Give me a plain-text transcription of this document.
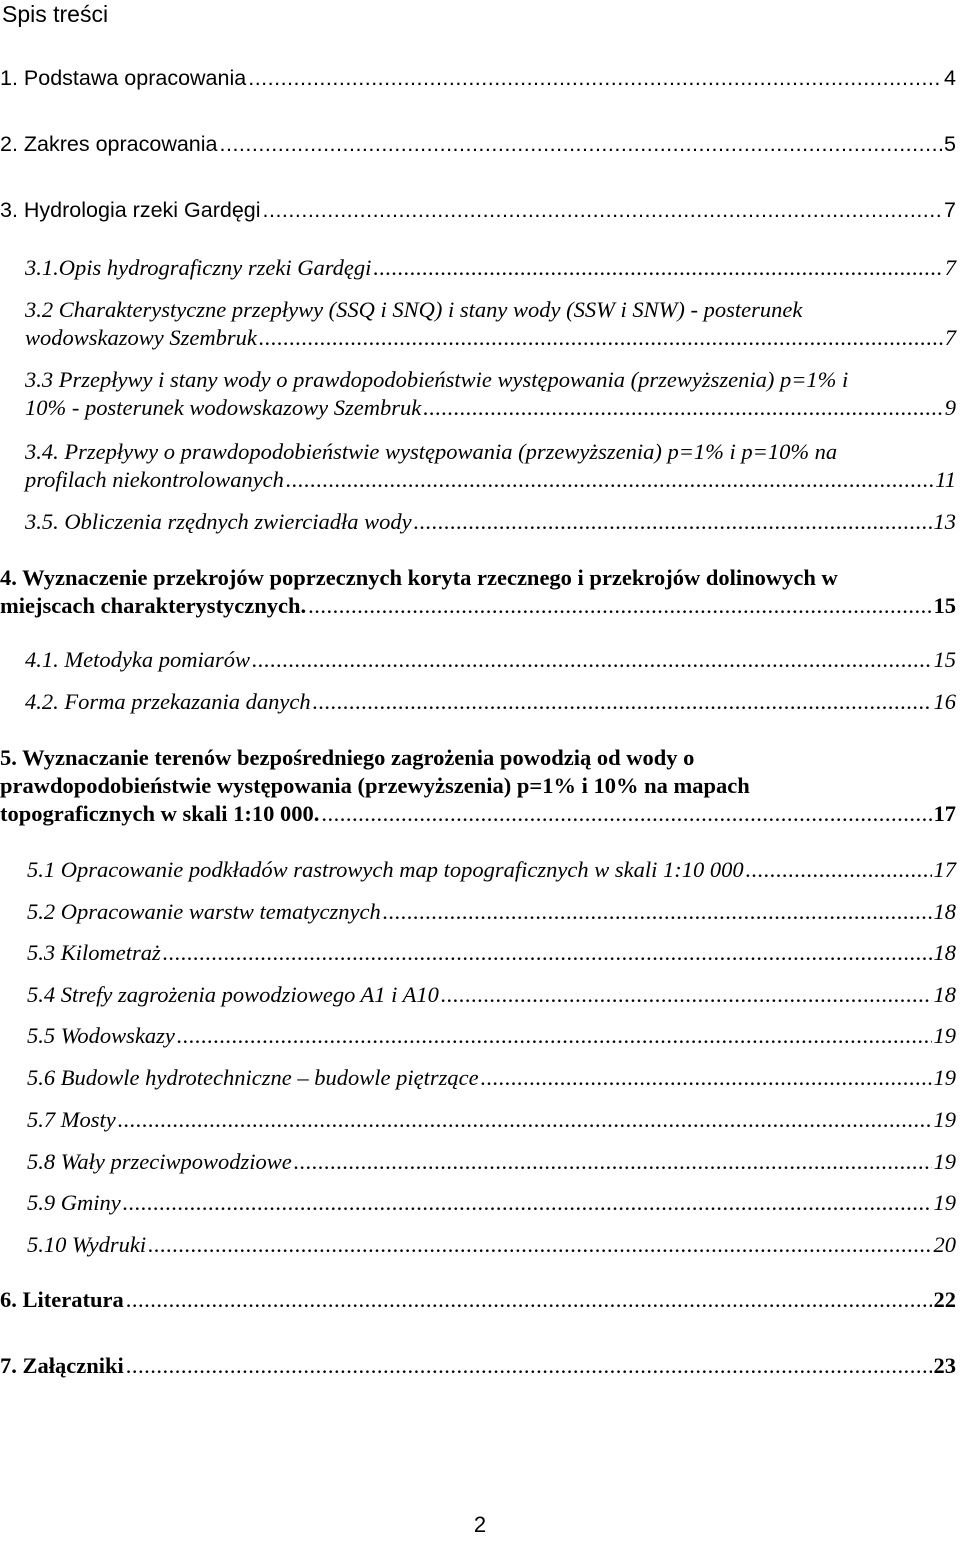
Spis treści
1. Podstawa opracowania .....	4
2. Zakres opracowania .....	5
3. Hydrologia rzeki Gardęgi .....	7
3.1.Opis hydrograficzny rzeki Gardęgi .....	7
3.2 Charakterystyczne przepływy (SSQ i SNQ) i stany wody (SSW i SNW) - posterunek
wodowskazowy Szembruk .....	7
3.3 Przepływy i stany wody o prawdopodobieństwie występowania (przewyższenia) p=1% i
10% - posterunek wodowskazowy Szembruk .....	9
3.4. Przepływy o prawdopodobieństwie występowania (przewyższenia) p=1% i p=10% na
profilach niekontrolowanych .....	11
3.5. Obliczenia rzędnych zwierciadła wody .....	13
4. Wyznaczenie przekrojów poprzecznych koryta rzecznego i przekrojów dolinowych w
miejscach charakterystycznych. .....	15
4.1. Metodyka pomiarów .....	15
4.2. Forma przekazania danych .....	16
5. Wyznaczanie terenów bezpośredniego zagrożenia powodzią od wody o
prawdopodobieństwie występowania (przewyższenia) p=1% i 10% na mapach
topograficznych w skali 1:10 000. .....	17
5.1 Opracowanie podkładów rastrowych map topograficznych w skali 1:10 000 .....	17
5.2 Opracowanie warstw tematycznych .....	18
5.3 Kilometraż .....	18
5.4 Strefy zagrożenia powodziowego A1 i A10 .....	18
5.5 Wodowskazy .....	19
5.6 Budowle hydrotechniczne – budowle piętrzące .....	19
5.7 Mosty .....	19
5.8 Wały przeciwpowodziowe .....	19
5.9 Gminy .....	19
5.10 Wydruki .....	20
6. Literatura .....	22
7. Załączniki .....	23
2
